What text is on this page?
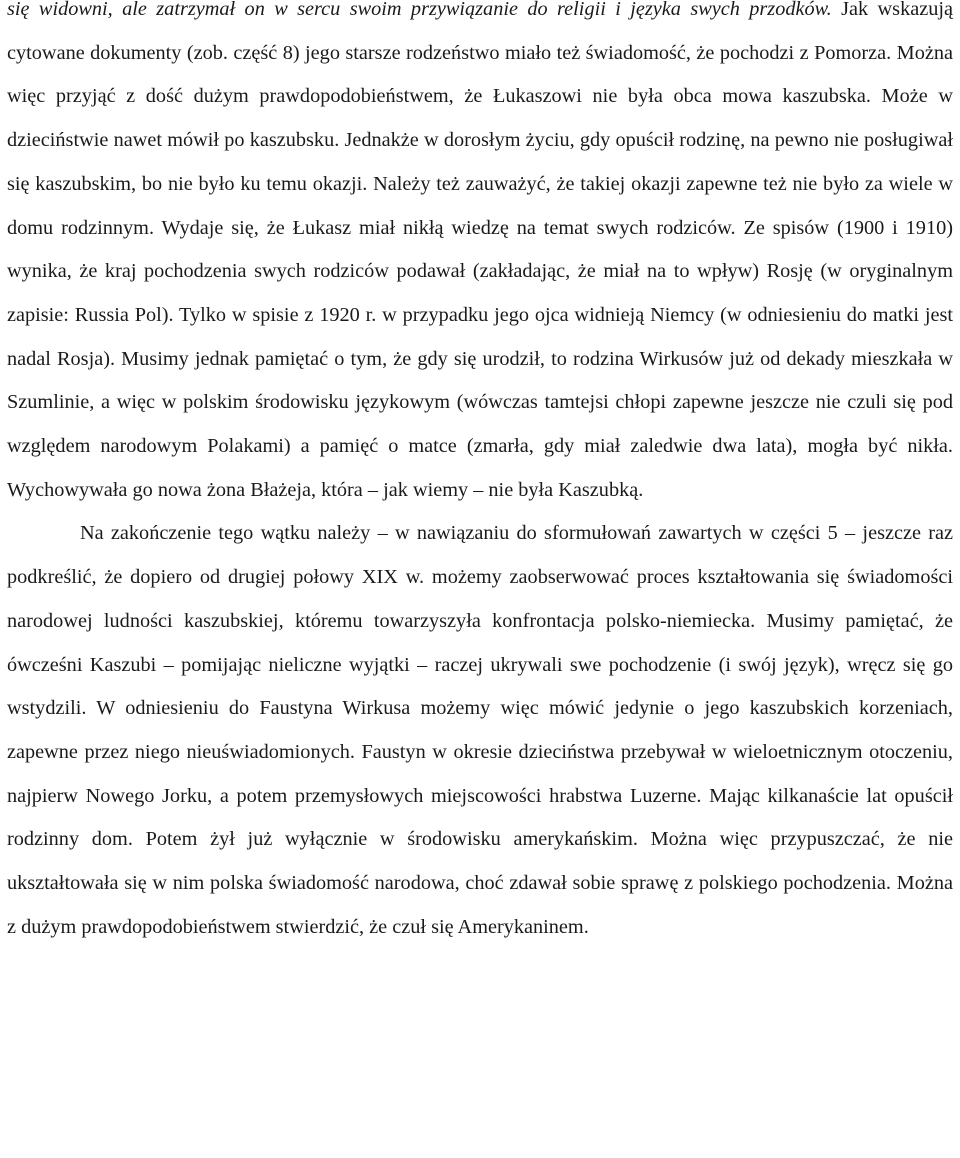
się widowni, ale zatrzymał on w sercu swoim przywiązanie do religii i języka swych przodków. Jak wskazują cytowane dokumenty (zob. część 8) jego starsze rodzeństwo miało też świadomość, że pochodzi z Pomorza. Można więc przyjąć z dość dużym prawdopodobieństwem, że Łukaszowi nie była obca mowa kaszubska. Może w dzieciństwie nawet mówił po kaszubsku. Jednakże w dorosłym życiu, gdy opuścił rodzinę, na pewno nie posługiwał się kaszubskim, bo nie było ku temu okazji. Należy też zauważyć, że takiej okazji zapewne też nie było za wiele w domu rodzinnym. Wydaje się, że Łukasz miał nikłą wiedzę na temat swych rodziców. Ze spisów (1900 i 1910) wynika, że kraj pochodzenia swych rodziców podawał (zakładając, że miał na to wpływ) Rosję (w oryginalnym zapisie: Russia Pol). Tylko w spisie z 1920 r. w przypadku jego ojca widnieją Niemcy (w odniesieniu do matki jest nadal Rosja). Musimy jednak pamiętać o tym, że gdy się urodził, to rodzina Wirkusów już od dekady mieszkała w Szumlinie, a więc w polskim środowisku językowym (wówczas tamtejsi chłopi zapewne jeszcze nie czuli się pod względem narodowym Polakami) a pamięć o matce (zmarła, gdy miał zaledwie dwa lata), mogła być nikła. Wychowywała go nowa żona Błażeja, która – jak wiemy – nie była Kaszubką.

Na zakończenie tego wątku należy – w nawiązaniu do sformułowań zawartych w części 5 – jeszcze raz podkreślić, że dopiero od drugiej połowy XIX w. możemy zaobserwować proces kształtowania się świadomości narodowej ludności kaszubskiej, któremu towarzyszyła konfrontacja polsko-niemiecka. Musimy pamiętać, że ówcześni Kaszubi – pomijając nieliczne wyjątki – raczej ukrywali swe pochodzenie (i swój język), wręcz się go wstydzili. W odniesieniu do Faustyna Wirkusa możemy więc mówić jedynie o jego kaszubskich korzeniach, zapewne przez niego nieuświadomionych. Faustyn w okresie dzieciństwa przebywał w wieloetnicznym otoczeniu, najpierw Nowego Jorku, a potem przemysłowych miejscowości hrabstwa Luzerne. Mając kilkanaście lat opuścił rodzinny dom. Potem żył już wyłącznie w środowisku amerykańskim. Można więc przypuszczać, że nie ukształtowała się w nim polska świadomość narodowa, choć zdawał sobie sprawę z polskiego pochodzenia. Można z dużym prawdopodobieństwem stwierdzić, że czuł się Amerykaninem.
